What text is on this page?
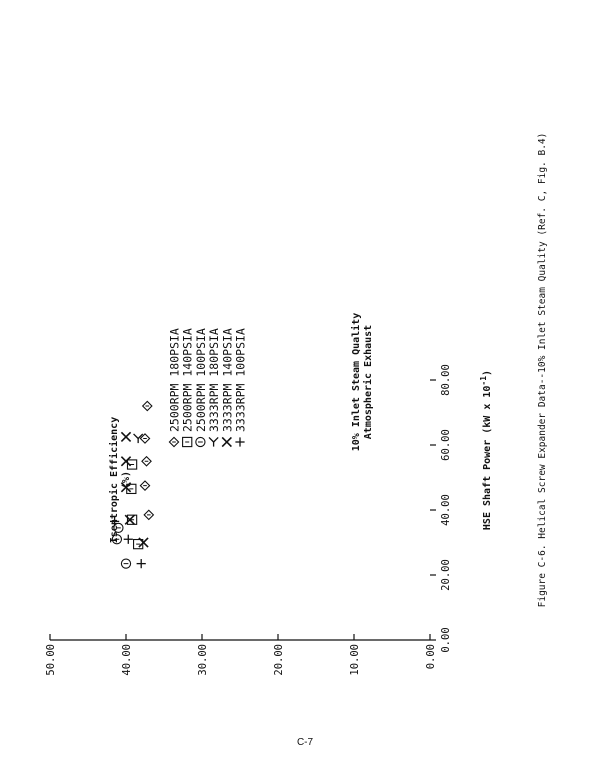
0.00
20.00
40.00
60.00
80.00
0.00
10.00
20.00
30.00
40.00
50.00
HSE Shaft Power (kW x $10^{-1}$)
Isentropic Efficiency (%)
10% Inlet Steam Quality Atmospheric Exhaust
2500RPM 180PSIA 2500RPM 140PSIA 2500RPM 100PSIA 3333RPM 180PSIA 3333RPM 140PSIA 3333RPM 100PSIA	Figure C-6. Helical Screw Expander Data--10% Inlet Steam Quality (Ref. C, Fig. B.4)
C-7
